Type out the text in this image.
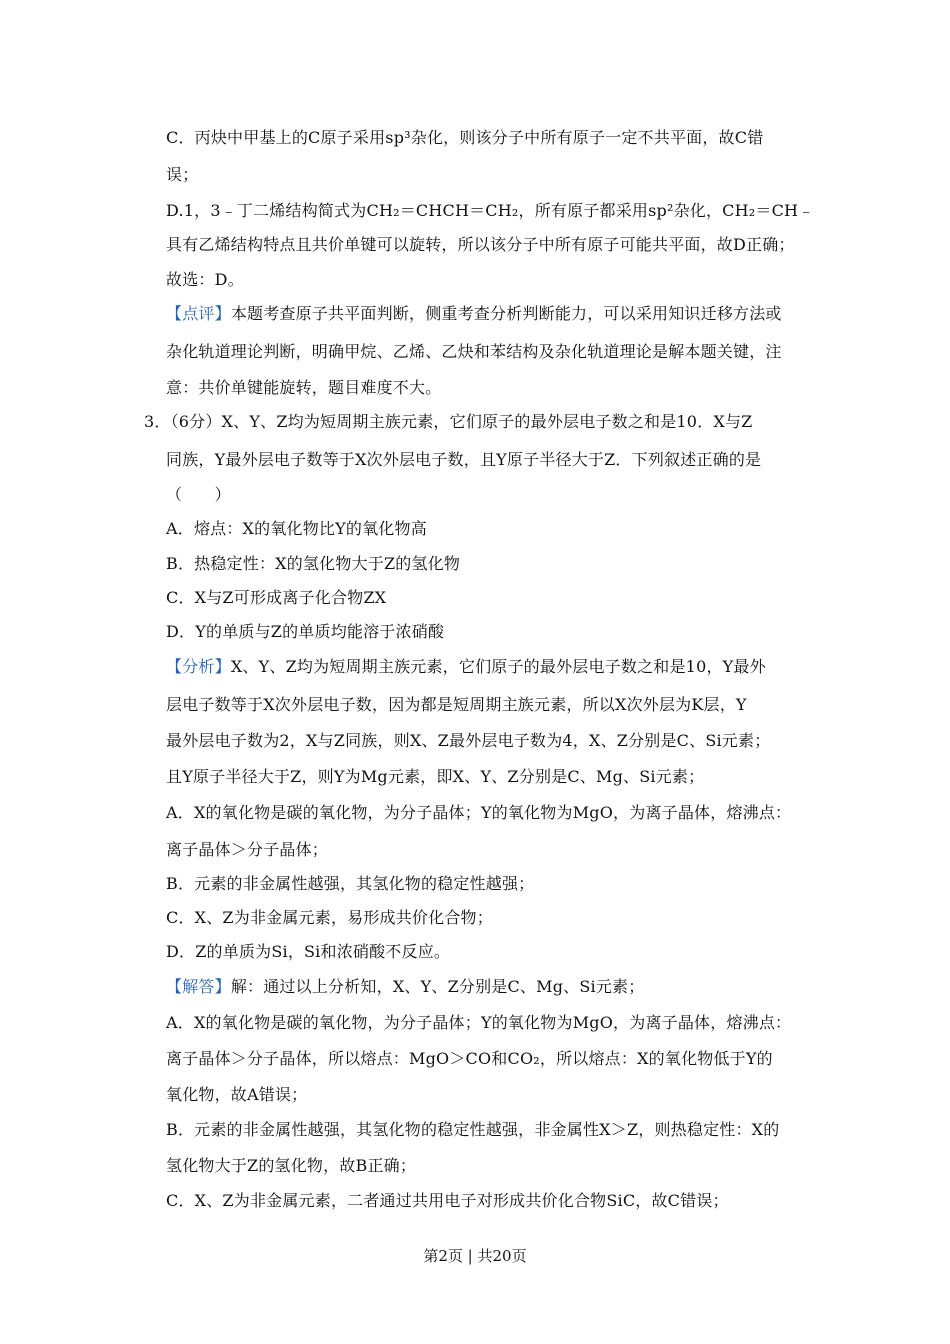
C．丙炔中甲基上的C原子采用sp³杂化，则该分子中所有原子一定不共平面，故C错
误；
D.1，3﹣丁二烯结构简式为CH₂＝CHCH＝CH₂，所有原子都采用sp²杂化，CH₂＝CH﹣
具有乙烯结构特点且共价单键可以旋转，所以该分子中所有原子可能共平面，故D正确；
故选：D。
【点评】本题考查原子共平面判断，侧重考查分析判断能力，可以采用知识迁移方法或
杂化轨道理论判断，明确甲烷、乙烯、乙炔和苯结构及杂化轨道理论是解本题关键，注
意：共价单键能旋转，题目难度不大。
3．（6分）X、Y、Z均为短周期主族元素，它们原子的最外层电子数之和是10．X与Z
同族，Y最外层电子数等于X次外层电子数，且Y原子半径大于Z．下列叙述正确的是
（　　）
A．熔点：X的氧化物比Y的氧化物高
B．热稳定性：X的氢化物大于Z的氢化物
C．X与Z可形成离子化合物ZX
D．Y的单质与Z的单质均能溶于浓硝酸
【分析】X、Y、Z均为短周期主族元素，它们原子的最外层电子数之和是10，Y最外
层电子数等于X次外层电子数，因为都是短周期主族元素，所以X次外层为K层，Y
最外层电子数为2，X与Z同族，则X、Z最外层电子数为4，X、Z分别是C、Si元素；
且Y原子半径大于Z，则Y为Mg元素，即X、Y、Z分别是C、Mg、Si元素；
A．X的氧化物是碳的氧化物，为分子晶体；Y的氧化物为MgO，为离子晶体，熔沸点：
离子晶体＞分子晶体；
B．元素的非金属性越强，其氢化物的稳定性越强；
C．X、Z为非金属元素，易形成共价化合物；
D．Z的单质为Si，Si和浓硝酸不反应。
【解答】解：通过以上分析知，X、Y、Z分别是C、Mg、Si元素；
A．X的氧化物是碳的氧化物，为分子晶体；Y的氧化物为MgO，为离子晶体，熔沸点：
离子晶体＞分子晶体，所以熔点：MgO＞CO和CO₂，所以熔点：X的氧化物低于Y的
氧化物，故A错误；
B．元素的非金属性越强，其氢化物的稳定性越强，非金属性X＞Z，则热稳定性：X的
氢化物大于Z的氢化物，故B正确；
C．X、Z为非金属元素，二者通过共用电子对形成共价化合物SiC，故C错误；
第2页 | 共20页
